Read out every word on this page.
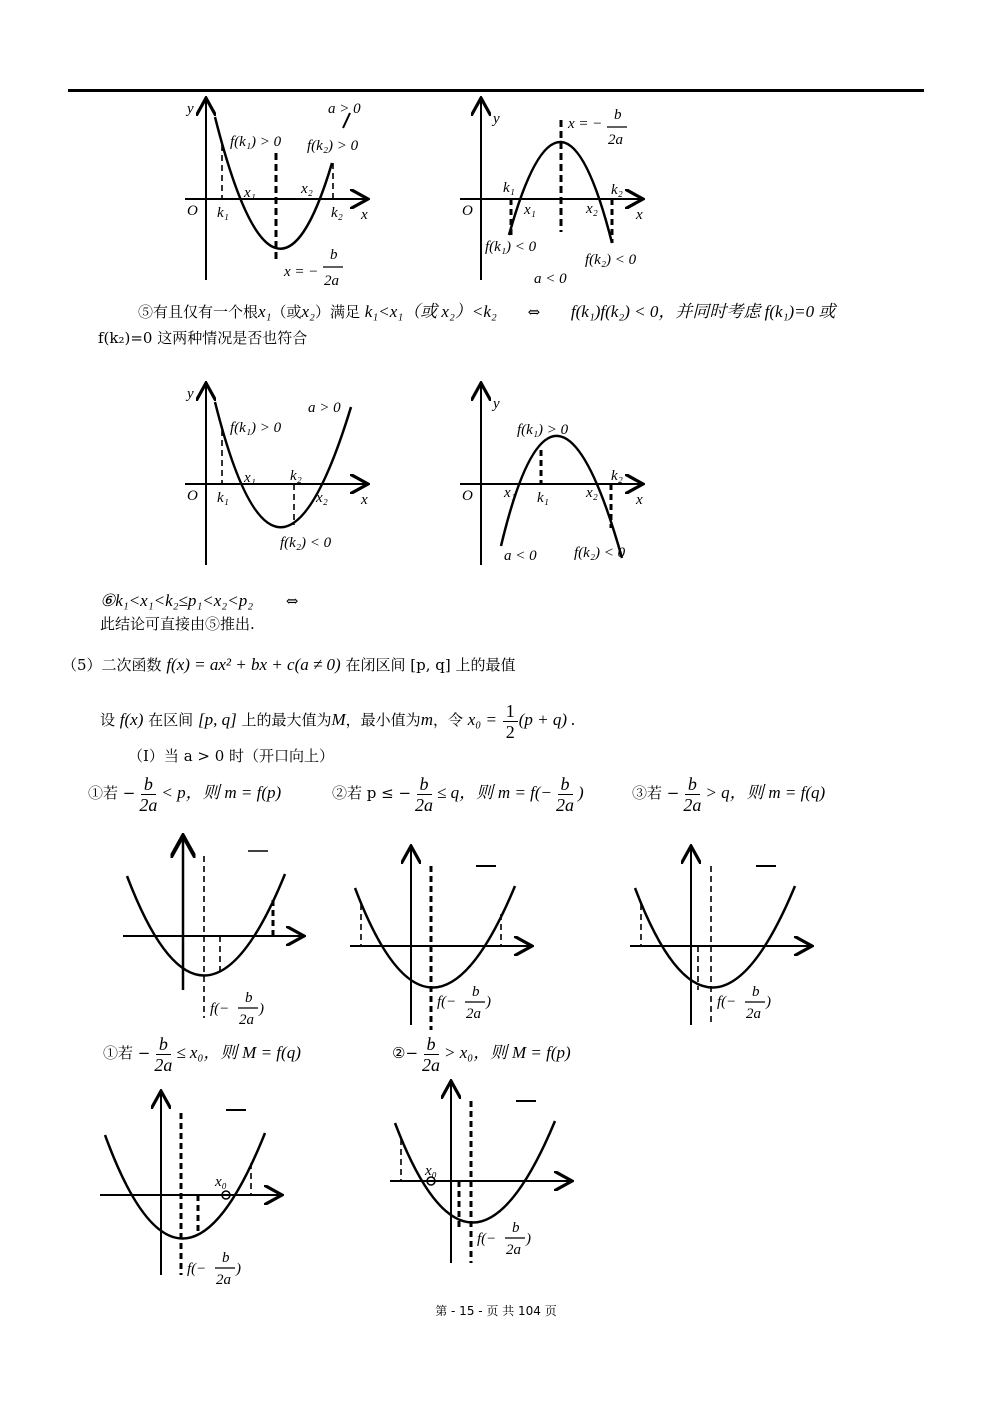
y	a > 0
f(k₁) > 0 f(k₂) > 0
x₁	x₂
O k₁	k₂ x
x = −
b
2a
y	x = −
b
2a
k₁	k₂
O	x₁	x₂	x
f(k₁) < 0
f(k₂) < 0
a < 0
⑤有且仅有一个根x₁（或x₂）满足 k₁<x₁（或 x₂）<k₂ ⇔ f(k₁)f(k₂) < 0，并同时考虑 f(k₁)=0 或
f(k₂)=0 这两种情况是否也符合
y
a > 0
f(k₁) > 0
x₁ k₂
O k₁	x₂ x
f(k₂) < 0
y
f(k₁) > 0
k₂
O x₁ k₁ x₂	x
a < 0 f(k₂) < 0
⑥k₁<x₁<k₂≤p₁<x₂<p₂ ⇔
此结论可直接由⑤推出.
（5）二次函数 f(x) = ax² + bx + c(a ≠ 0) 在闭区间 [p, q] 上的最值
设 f(x) 在区间 [p, q] 上的最大值为M，最小值为m，令 $x_0 = \frac{1}{2} (p + q)$ .
（Ⅰ）当 a > 0 时（开口向上）
①若 − $\frac{b}{2a} < p$，则 m = f(p)	②若 p ≤ − $\frac{b}{2a} \le q$，则 $m = f(- \frac{b}{2a}$ )	③若 − $\frac{b}{2a} > q$，则 m = f(q)
f(−
b
2a
)	f(−
b
2a
)	f(−
b
2a
)
①若 − $\frac{b}{2a} \le x_0$，则 M = f(q)	②− $\frac{b}{2a} > x_0$，则 M = f(p)
x₀
f(−
b
2a
)
x₀
f(−
b
2a
)
第 - 15 - 页 共 104 页
